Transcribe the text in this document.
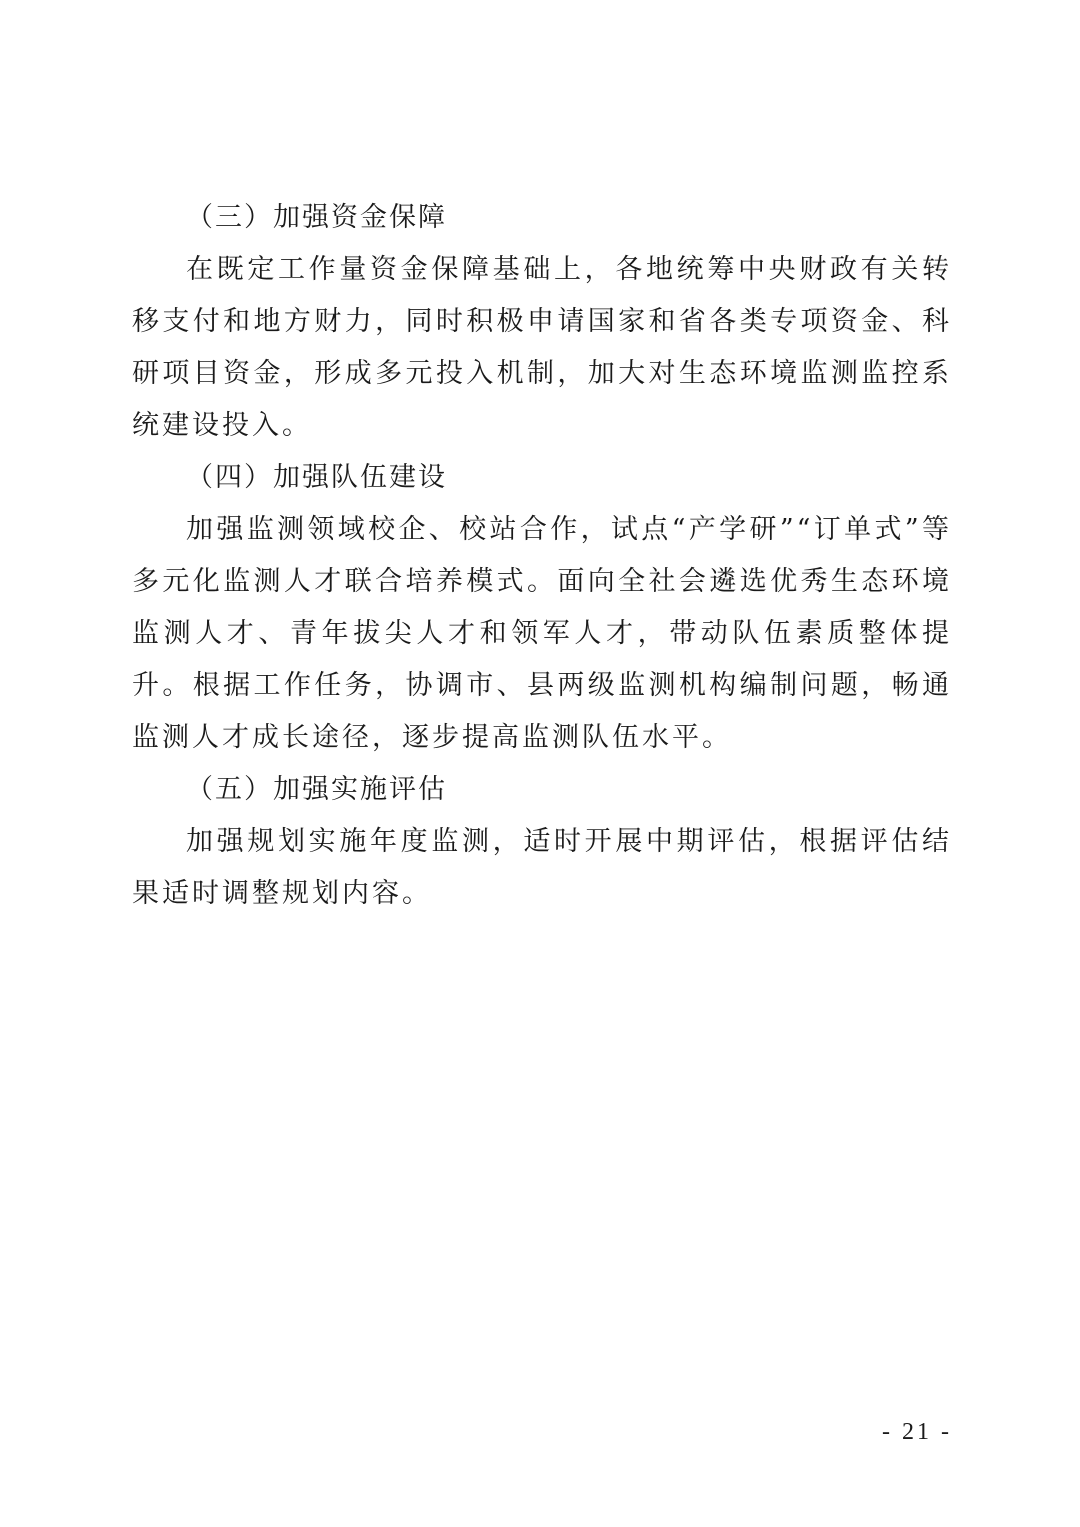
（三）加强资金保障

在既定工作量资金保障基础上，各地统筹中央财政有关转移支付和地方财力，同时积极申请国家和省各类专项资金、科研项目资金，形成多元投入机制，加大对生态环境监测监控系统建设投入。

（四）加强队伍建设

加强监测领域校企、校站合作，试点“产学研”“订单式”等多元化监测人才联合培养模式。面向全社会遴选优秀生态环境监测人才、青年拔尖人才和领军人才，带动队伍素质整体提升。根据工作任务，协调市、县两级监测机构编制问题，畅通监测人才成长途径，逐步提高监测队伍水平。

（五）加强实施评估

加强规划实施年度监测，适时开展中期评估，根据评估结果适时调整规划内容。

- 21 -
